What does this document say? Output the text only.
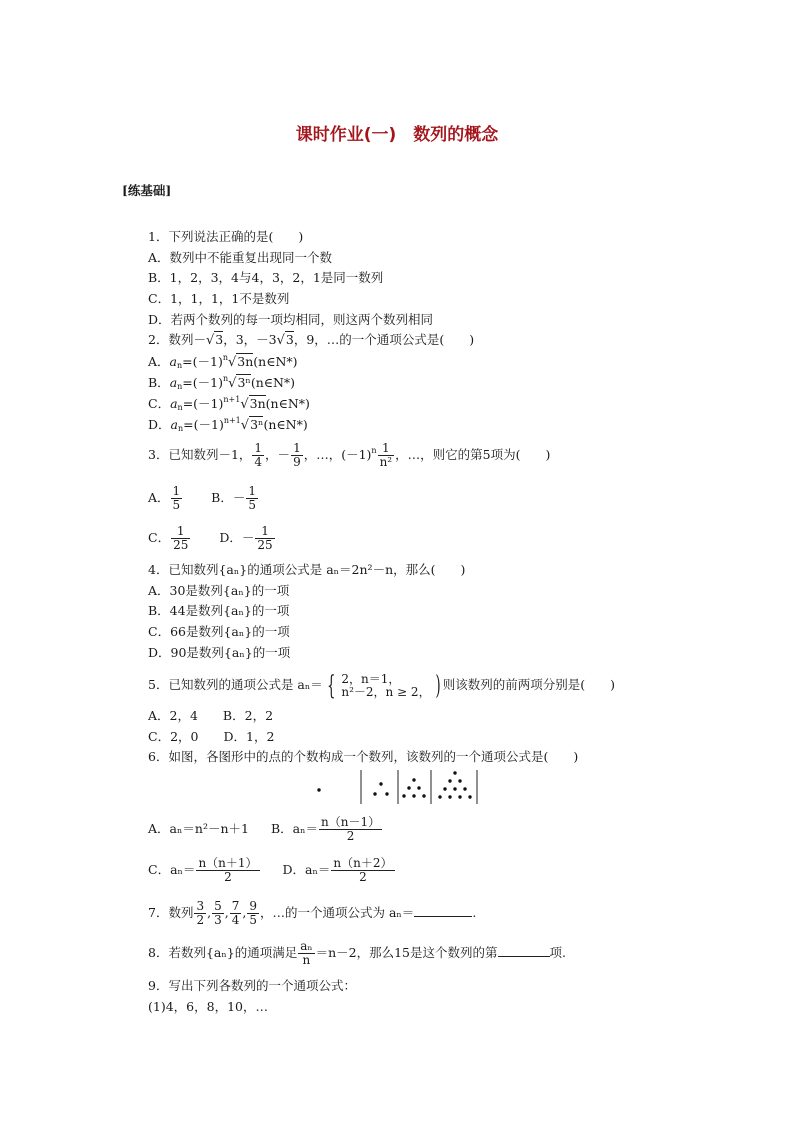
课时作业(一)　数列的概念
[练基础]
1．下列说法正确的是(　　)
A．数列中不能重复出现同一个数
B．1，2，3，4与4，3，2，1是同一数列
C．1，1，1，1不是数列
D．若两个数列的每一项均相同，则这两个数列相同
2．数列－√3，3，－3√3，9，…的一个通项公式是(　　)
A．$a_n=(-1)^n√3n(n\in N*)$
B．$a_n=(-1)^n√3^n(n\in N*)$
C．$a_n=(-1)^{n+1}√3n(n\in N*)$
D．$a_n=(-1)^{n+1}√3^n(n\in N*)$
3．已知数列－1， $\frac{1}{4}$ ，－ $\frac{1}{9}$ ，…，$(-1)^n \frac{1}{\text{n²}}$ ，…，则它的第5项为(　　)
A． $\frac{1}{5}$ B．－ $\frac{1}{5}$
C． $\frac{1}{25}$ D．－ $\frac{1}{25}$
4．已知数列{aₙ}的通项公式是 aₙ＝2n²－n，那么(　　)
A．30是数列{aₙ}的一项
B．44是数列{aₙ}的一项
C．66是数列{aₙ}的一项
D．90是数列{aₙ}的一项
5．已知数列的通项公式是 aₙ＝ { 2，n＝1，
n²－2，n ≥ 2， ) 则该数列的前两项分别是(　　)
A．2，4　　B．2，2
C．2，0　　D．1，2
6．如图，各图形中的点的个数构成一个数列，该数列的一个通项公式是(　　)
A．aₙ＝n²－n＋1 B．$a_n= \frac{n(n-1)}{2}$
C．$a_n= \frac{n(n+1)}{2}$ D．$a_n= \frac{n(n+2)}{2}$
7．数列 $\frac{3}{2}$ , $\frac{5}{3}$ , $\frac{7}{4}$ , $\frac{9}{5}$ ，…的一个通项公式为 aₙ＝	.
8．若数列{aₙ}的通项满足 $\frac{\text{aₙ}}{n} =n-2$，那么15是这个数列的第	项.
9．写出下列各数列的一个通项公式：
(1)4，6，8，10，…
